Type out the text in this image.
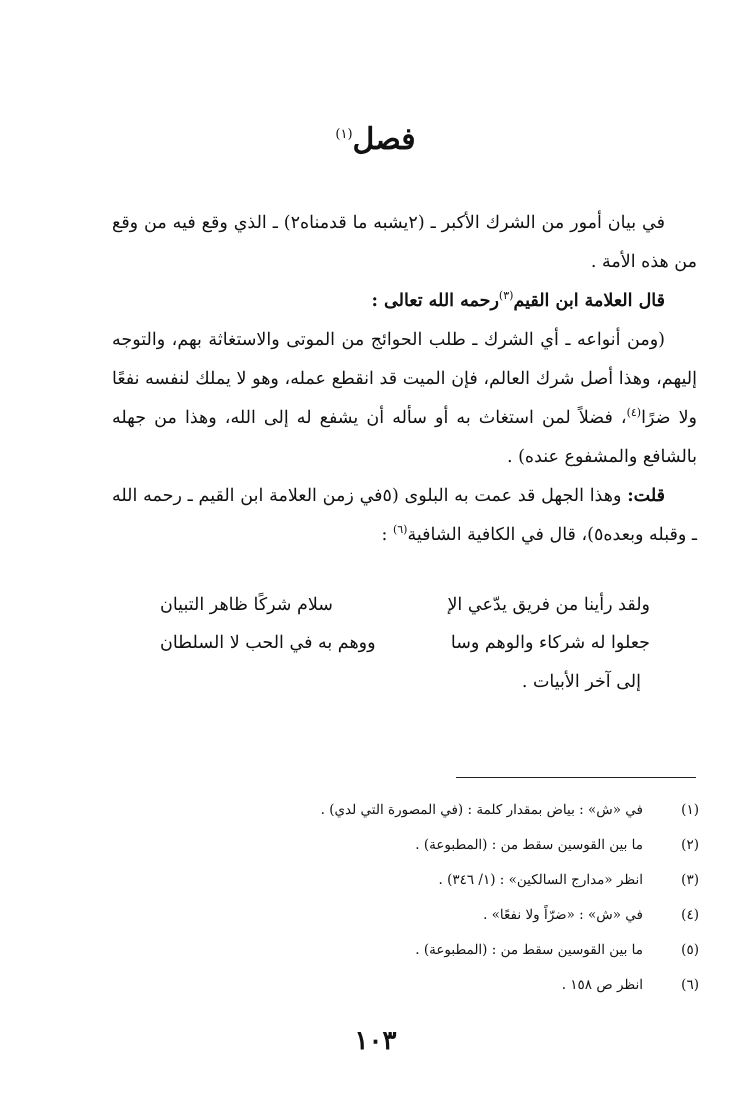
فصل$^{(١)}$

في بيان أمور من الشرك الأكبر ـ (٢يشبه ما قدمناه٢) ـ الذي وقع فيه من وقع من هذه الأمة .

قال العلامة ابن القيم$^{(٣)}$رحمه الله تعالى :

(ومن أنواعه ـ أي الشرك ـ طلب الحوائج من الموتى والاستغاثة بهم، والتوجه إليهم، وهذا أصل شرك العالم، فإن الميت قد انقطع عمله، وهو لا يملك لنفسه نفعًا ولا ضرًا$^{(٤)}$، فضلاً لمن استغاث به أو سأله أن يشفع له إلى الله، وهذا من جهله بالشافع والمشفوع عنده) .

قلت: وهذا الجهل قد عمت به البلوى (٥في زمن العلامة ابن القيم ـ رحمه الله ـ وقبله وبعده٥)، قال في الكافية الشافية$^{(٦)}$ :

ولقد رأينا من فريق يدّعي الإ
سلام شركًا ظاهر التبيان
جعلوا له شركاء والوهم وسا
ووهم به في الحب لا السلطان
إلى آخر الأبيات .
(١)
في «ش» : بياض بمقدار كلمة : (في المصورة التي لدي) .
(٢)
ما بين القوسين سقط من : (المطبوعة) .
(٣)
انظر «مدارج السالكين» : (١/ ٣٤٦) .
(٤)
في «ش» : «ضرّاً ولا نفعًا» .
(٥)
ما بين القوسين سقط من : (المطبوعة) .
(٦)
انظر ص ١٥٨ .
١٠٣
